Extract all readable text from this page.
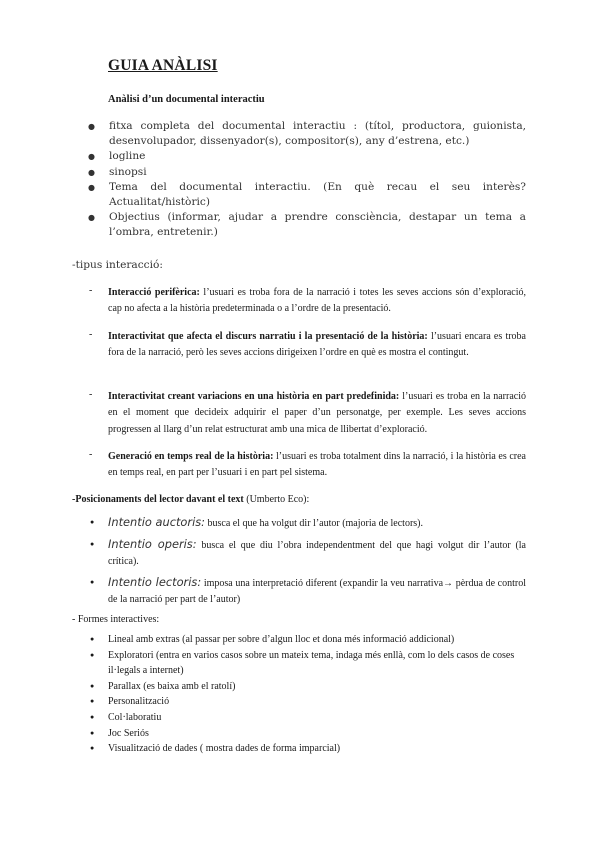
GUIA ANÀLISI
Anàlisi d’un documental interactiu
● fitxa completa del documental interactiu : (títol, productora, guionista, desenvolupador, dissenyador(s), compositor(s), any d’estrena, etc.)
● logline
● sinopsi
● Tema del documental interactiu. (En què recau el seu interès? Actualitat/històric)
● Objectius (informar, ajudar a prendre consciència, destapar un tema a l’ombra, entretenir.)
-tipus interacció:
- Interacció perifèrica: l’usuari es troba fora de la narració i totes les seves accions són d’exploració, cap no afecta a la història predeterminada o a l’ordre de la presentació.
- Interactivitat que afecta el discurs narratiu i la presentació de la història: l’usuari encara es troba fora de la narració, però les seves accions dirigeixen l’ordre en què es mostra el contingut.
- Interactivitat creant variacions en una història en part predefinida: l’usuari es troba en la narració en el moment que decideix adquirir el paper d’un personatge, per exemple. Les seves accions progressen al llarg d’un relat estructurat amb una mica de llibertat d’exploració.
- Generació en temps real de la història: l’usuari es troba totalment dins la narració, i la història es crea en temps real, en part per l’usuari i en part pel sistema.
-Posicionaments del lector davant el text (Umberto Eco):
● Intentio auctoris: busca el que ha volgut dir l’autor (majoria de lectors).
● Intentio operis: busca el que diu l’obra independentment del que hagi volgut dir l’autor (la crítica).
● Intentio lectoris: imposa una interpretació diferent (expandir la veu narrativa→ pèrdua de control de la narració per part de l’autor)
- Formes interactives:
● Lineal amb extras (al passar per sobre d’algun lloc et dona més informació addicional)
● Exploratori (entra en varios casos sobre un mateix tema, indaga més enllà, com lo dels casos de coses il·legals a internet)
● Parallax (es baixa amb el ratolí)
● Personalització
● Col·laboratiu
● Joc Seriós
● Visualització de dades ( mostra dades de forma imparcial)
